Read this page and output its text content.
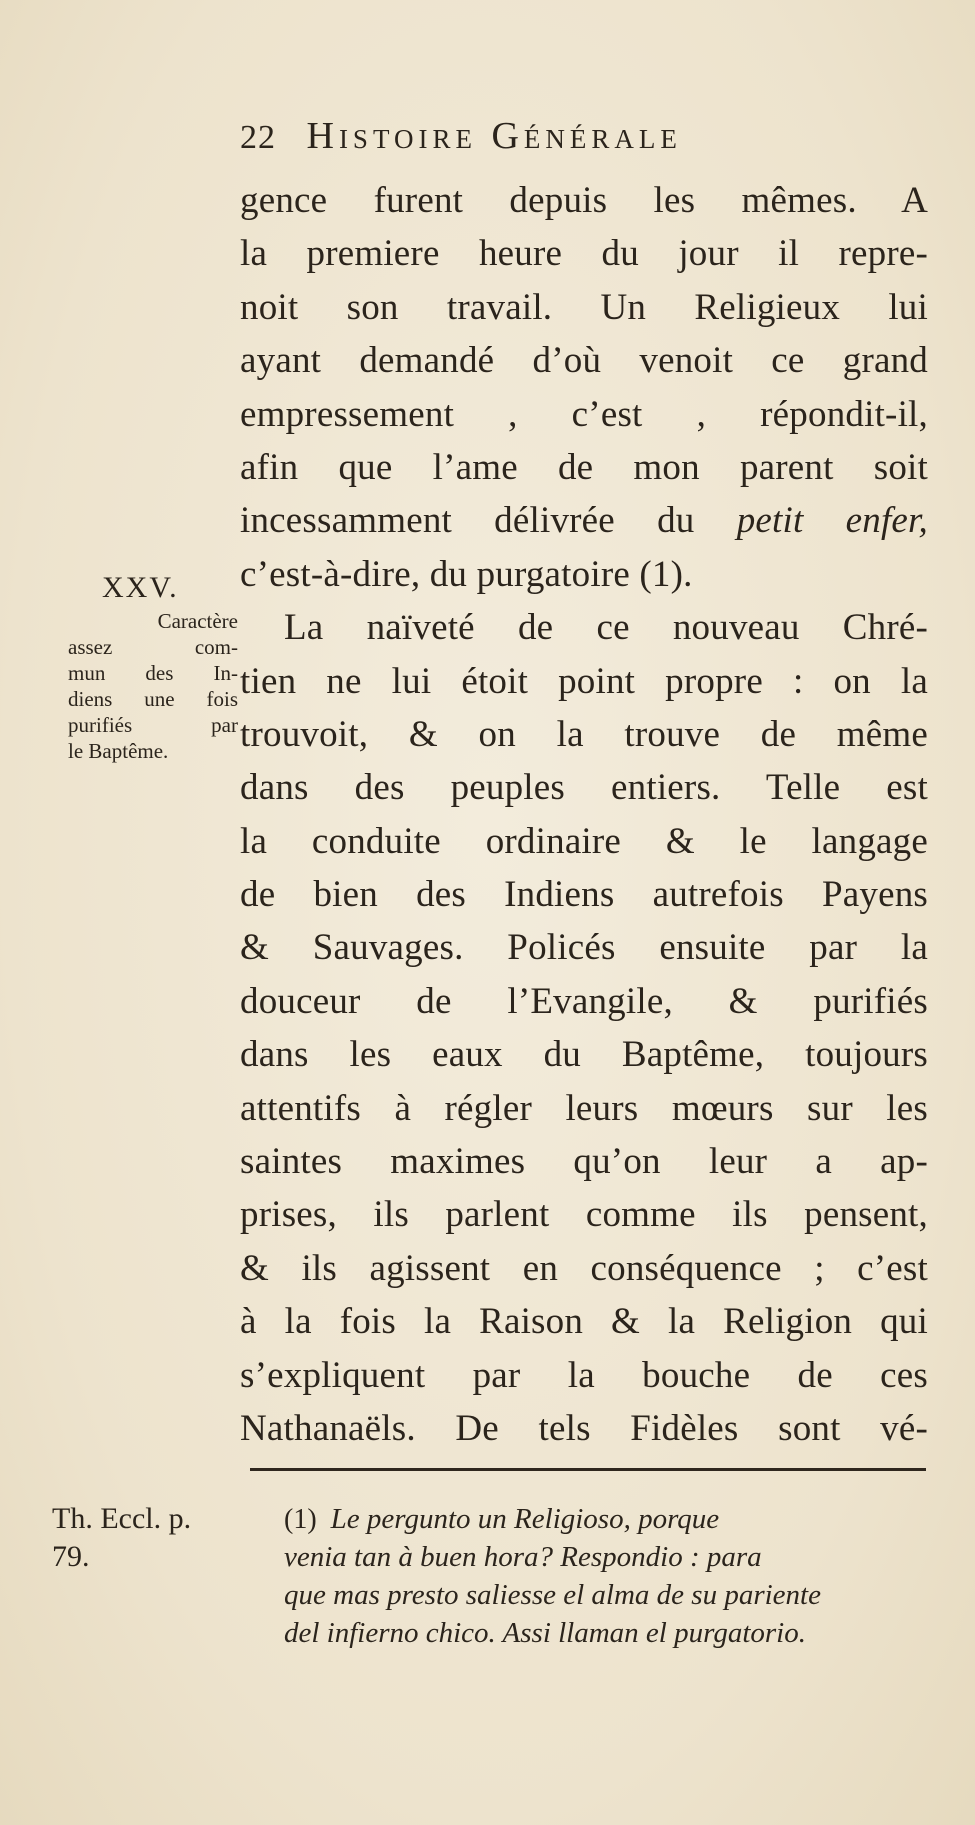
22 Histoire Générale
gence furent depuis les mêmes. A
la premiere heure du jour il repre-
noit son travail. Un Religieux lui
ayant demandé d’où venoit ce grand
empressement , c’est , répondit-il,
afin que l’ame de mon parent soit
incessamment délivrée du petit enfer,
c’est-à-dire, du purgatoire (1).
La naïveté de ce nouveau Chré-
tien ne lui étoit point propre : on la
trouvoit, & on la trouve de même
dans des peuples entiers. Telle est
la conduite ordinaire & le langage
de bien des Indiens autrefois Payens
& Sauvages. Policés ensuite par la
douceur de l’Evangile, & purifiés
dans les eaux du Baptême, toujours
attentifs à régler leurs mœurs sur les
saintes maximes qu’on leur a ap-
prises, ils parlent comme ils pensent,
& ils agissent en conséquence ; c’est
à la fois la Raison & la Religion qui
s’expliquent par la bouche de ces
Nathanaëls. De tels Fidèles sont vé-
XXV.
Caractère
assez com-
mun des In-
diens une fois
purifiés par
le Baptême.
Th. Eccl. p.
79.
(1) Le pergunto un Religioso, porque
venia tan à buen hora? Respondio : para
que mas presto saliesse el alma de su pariente
del infierno chico. Assi llaman el purgatorio.
